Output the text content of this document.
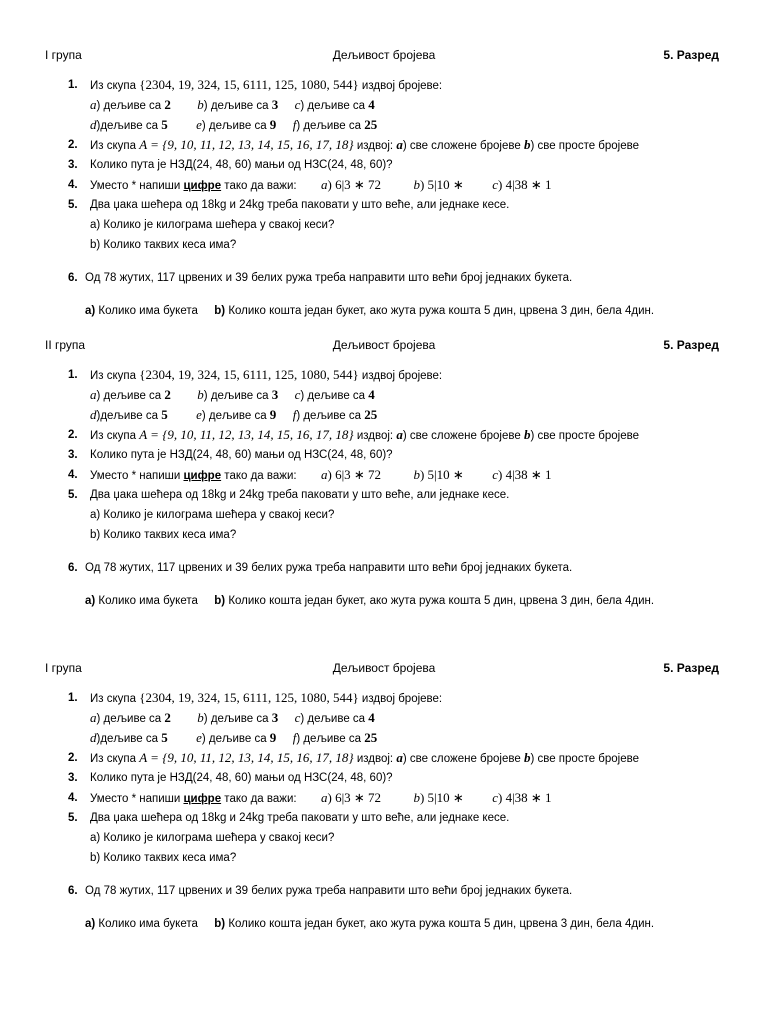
I група	Дељивост бројева	5. Разред
1. Из скупа {2304, 19, 324, 15, 6111, 125, 1080, 544} издвој бројеве:
a) дељиве са 2 b) дељиве са 3 c) дељиве са 4
d)дељиве са 5 e) дељиве са 9 f) дељиве са 25
2. Из скупа A = {9, 10, 11, 12, 13, 14, 15, 16, 17, 18} издвој: a) све сложене бројеве b) све просте бројеве
3. Колико пута је НЗД(24, 48, 60) мањи од НЗС(24, 48, 60)?
4. Уместо * напиши цифре тако да важи: a) 6|3 ∗ 72 b) 5|10 ∗ c) 4|38 ∗ 1
5. Два џака шећера од 18kg и 24kg треба паковати у што веће, али једнаке кесе.
a) Колико је килограма шећера у свакој кеси?
b) Колико таквих кеса има?
6. Од 78 жутих, 117 црвених и 39 белих ружа треба направити што већи број једнаких букета.
a) Колико има букета b) Колико кошта један букет, ако жута ружа кошта 5 дин, црвена 3 дин, бела 4дин.
II група	Дељивост бројева	5. Разред
1. Из скупа {2304, 19, 324, 15, 6111, 125, 1080, 544} издвој бројеве:
a) дељиве са 2 b) дељиве са 3 c) дељиве са 4
d)дељиве са 5 e) дељиве са 9 f) дељиве са 25
2. Из скупа A = {9, 10, 11, 12, 13, 14, 15, 16, 17, 18} издвој: a) све сложене бројеве b) све просте бројеве
3. Колико пута је НЗД(24, 48, 60) мањи од НЗС(24, 48, 60)?
4. Уместо * напиши цифре тако да важи: a) 6|3 ∗ 72 b) 5|10 ∗ c) 4|38 ∗ 1
5. Два џака шећера од 18kg и 24kg треба паковати у што веће, али једнаке кесе.
a) Колико је килограма шећера у свакој кеси?
b) Колико таквих кеса има?
6. Од 78 жутих, 117 црвених и 39 белих ружа треба направити што већи број једнаких букета.
a) Колико има букета b) Колико кошта један букет, ако жута ружа кошта 5 дин, црвена 3 дин, бела 4дин.
I група	Дељивост бројева	5. Разред
1. Из скупа {2304, 19, 324, 15, 6111, 125, 1080, 544} издвој бројеве:
a) дељиве са 2 b) дељиве са 3 c) дељиве са 4
d)дељиве са 5 e) дељиве са 9 f) дељиве са 25
2. Из скупа A = {9, 10, 11, 12, 13, 14, 15, 16, 17, 18} издвој: a) све сложене бројеве b) све просте бројеве
3. Колико пута је НЗД(24, 48, 60) мањи од НЗС(24, 48, 60)?
4. Уместо * напиши цифре тако да важи: a) 6|3 ∗ 72 b) 5|10 ∗ c) 4|38 ∗ 1
5. Два џака шећера од 18kg и 24kg треба паковати у што веће, али једнаке кесе.
a) Колико је килограма шећера у свакој кеси?
b) Колико таквих кеса има?
6. Од 78 жутих, 117 црвених и 39 белих ружа треба направити што већи број једнаких букета.
a) Колико има букета b) Колико кошта један букет, ако жута ружа кошта 5 дин, црвена 3 дин, бела 4дин.
